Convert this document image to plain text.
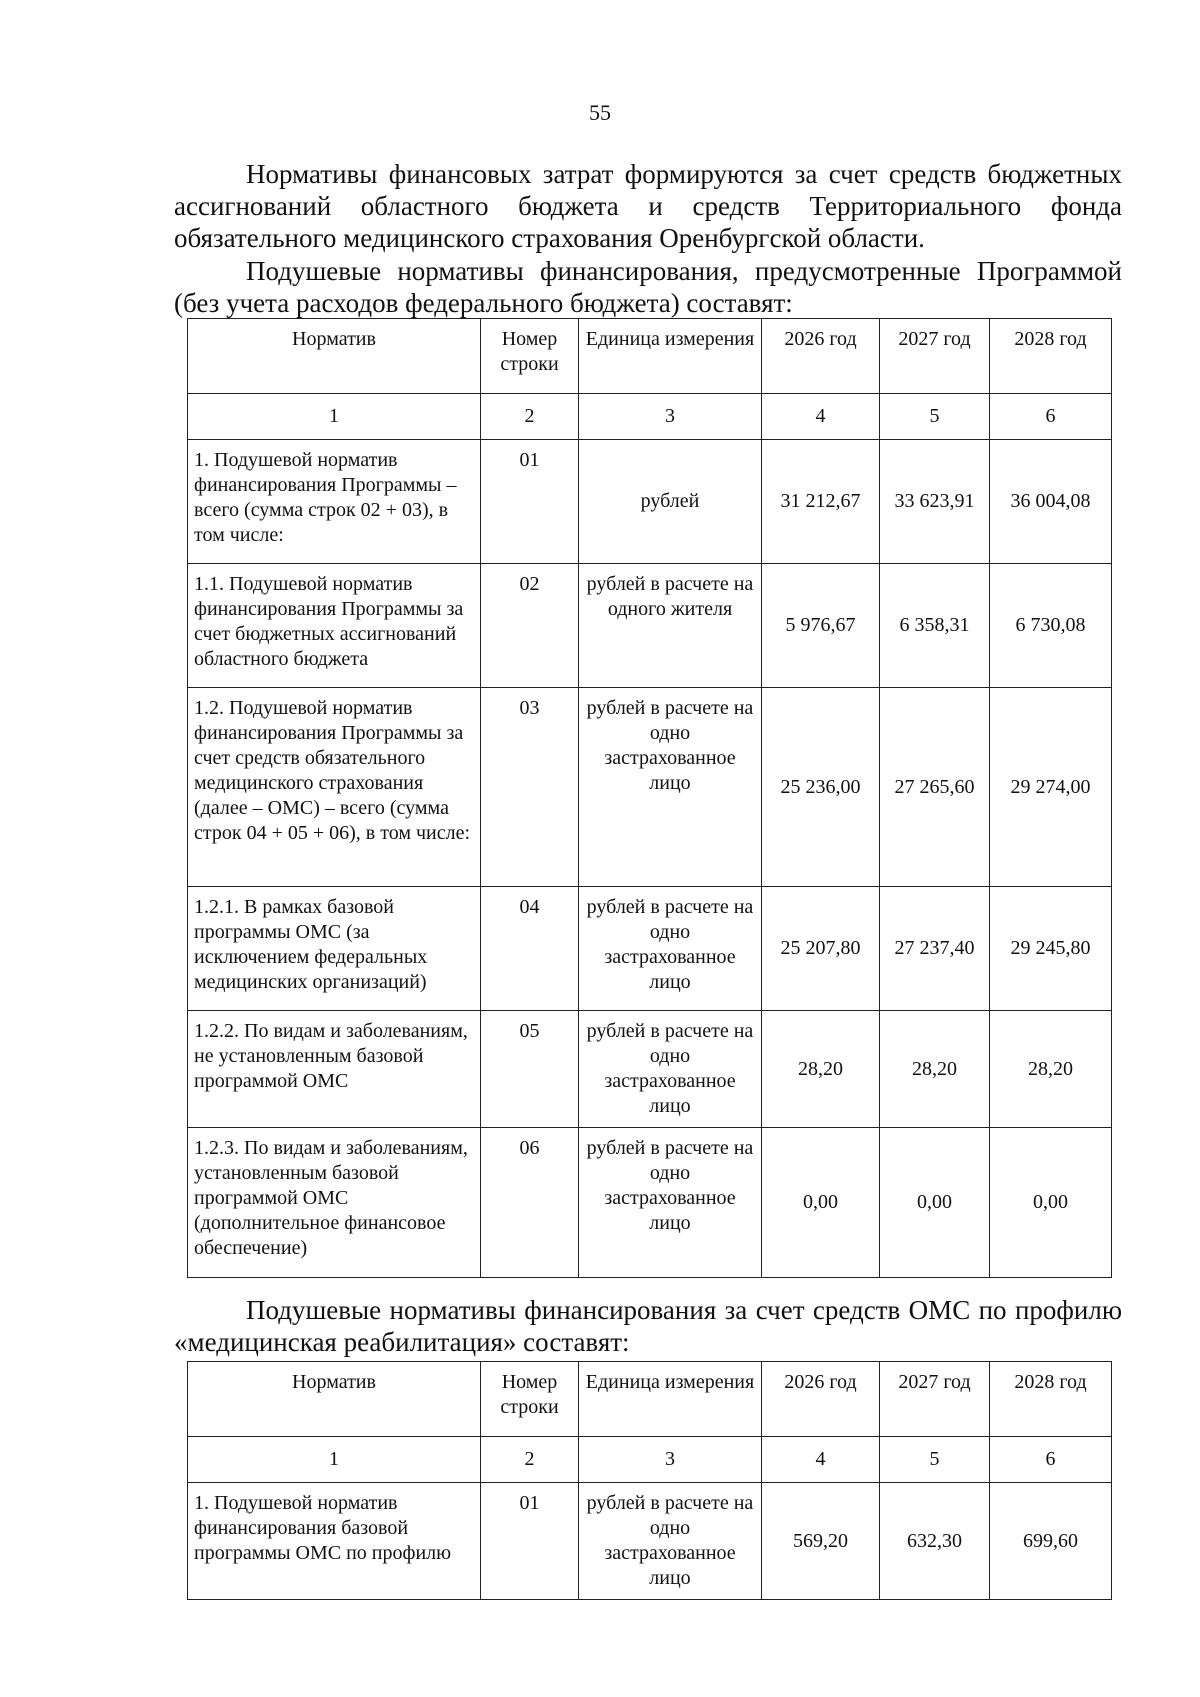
55

Нормативы финансовых затрат формируются за счет средств бюджетных ассигнований областного бюджета и средств Территориального фонда обязательного медицинского страхования Оренбургской области.

Подушевые нормативы финансирования, предусмотренные Программой (без учета расходов федерального бюджета) составят:

Норматив	Номер строки	Единица измерения	2026 год	2027 год	2028 год
1	2	3	4	5	6
1. Подушевой норматив финансирования Программы – всего (сумма строк 02 + 03), в том числе:	01	рублей	31 212,67	33 623,91	36 004,08
1.1. Подушевой норматив финансирования Программы за счет бюджетных ассигнований областного бюджета	02	рублей в расчете на одного жителя	5 976,67	6 358,31	6 730,08
1.2. Подушевой норматив финансирования Программы за счет средств обязательного медицинского страхования (далее – ОМС) – всего (сумма строк 04 + 05 + 06), в том числе:	03	рублей в расчете на одно застрахованное лицо	25 236,00	27 265,60	29 274,00
1.2.1. В рамках базовой программы ОМС (за исключением федеральных медицинских организаций)	04	рублей в расчете на одно застрахованное лицо	25 207,80	27 237,40	29 245,80
1.2.2. По видам и заболеваниям, не установленным базовой программой ОМС	05	рублей в расчете на одно застрахованное лицо	28,20	28,20	28,20
1.2.3. По видам и заболеваниям, установленным базовой программой ОМС (дополнительное финансовое обеспечение)	06	рублей в расчете на одно застрахованное лицо	0,00	0,00	0,00

Подушевые нормативы финансирования за счет средств ОМС по профилю «медицинская реабилитация» составят:

Норматив	Номер строки	Единица измерения	2026 год	2027 год	2028 год
1	2	3	4	5	6
1. Подушевой норматив финансирования базовой программы ОМС по профилю	01	рублей в расчете на одно застрахованное лицо	569,20	632,30	699,60
